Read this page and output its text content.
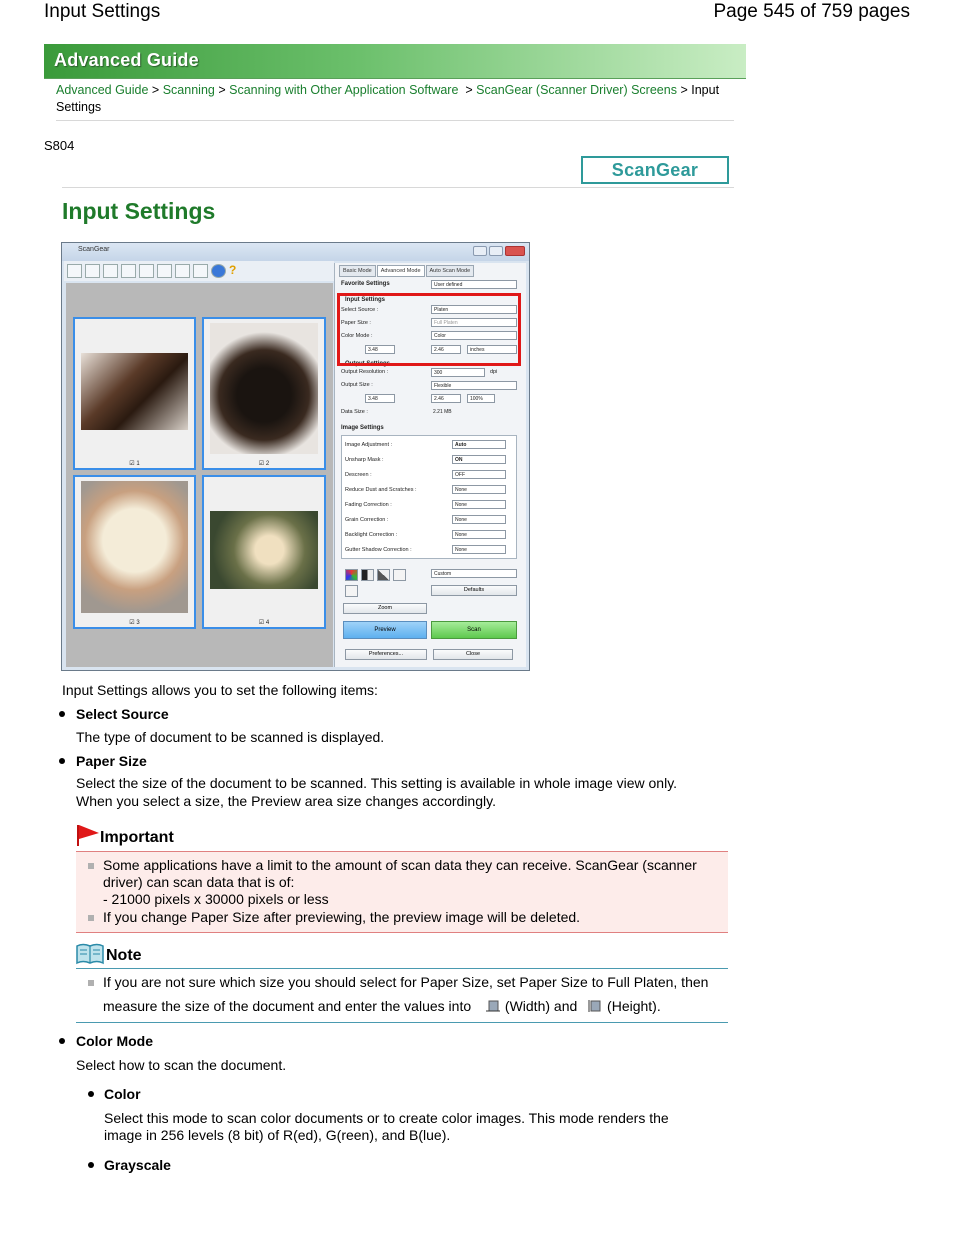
Input Settings	Page 545 of 759 pages
Advanced Guide
Advanced Guide > Scanning > Scanning with Other Application Software > ScanGear (Scanner Driver) Screens > Input
Settings
S804
ScanGear
Input Settings
ScanGear
?
☑ 1	☑ 2
☑ 3	☑ 4
Basic Mode	Advanced Mode	Auto Scan Mode
Favorite Settings	User defined
Input Settings
Select Source :	Platen
Paper Size :	Full Platen
Color Mode :	Color
3.48	2.46	inches
Output Settings
Output Resolution :	300	dpi
Output Size :	Flexible
3.48	2.46	100%
Data Size :	2.21 MB
Image Settings
Image Adjustment :	Auto
Unsharp Mask :	ON
Descreen :	OFF
Reduce Dust and Scratches :	None
Fading Correction :	None
Grain Correction :	None
Backlight Correction :	None
Gutter Shadow Correction :	None
Custom
Defaults
Zoom
Preview	Scan
Preferences...	Close
Input Settings allows you to set the following items:
Select Source
The type of document to be scanned is displayed.
Paper Size
Select the size of the document to be scanned. This setting is available in whole image view only.
When you select a size, the Preview area size changes accordingly.
Important
Some applications have a limit to the amount of scan data they can receive. ScanGear (scanner
driver) can scan data that is of:
- 21000 pixels x 30000 pixels or less
If you change Paper Size after previewing, the preview image will be deleted.
Note
If you are not sure which size you should select for Paper Size, set Paper Size to Full Platen, then
measure the size of the document and enter the values into (Width) and (Height).
Color Mode
Select how to scan the document.
Color
Select this mode to scan color documents or to create color images. This mode renders the
image in 256 levels (8 bit) of R(ed), G(reen), and B(lue).
Grayscale
